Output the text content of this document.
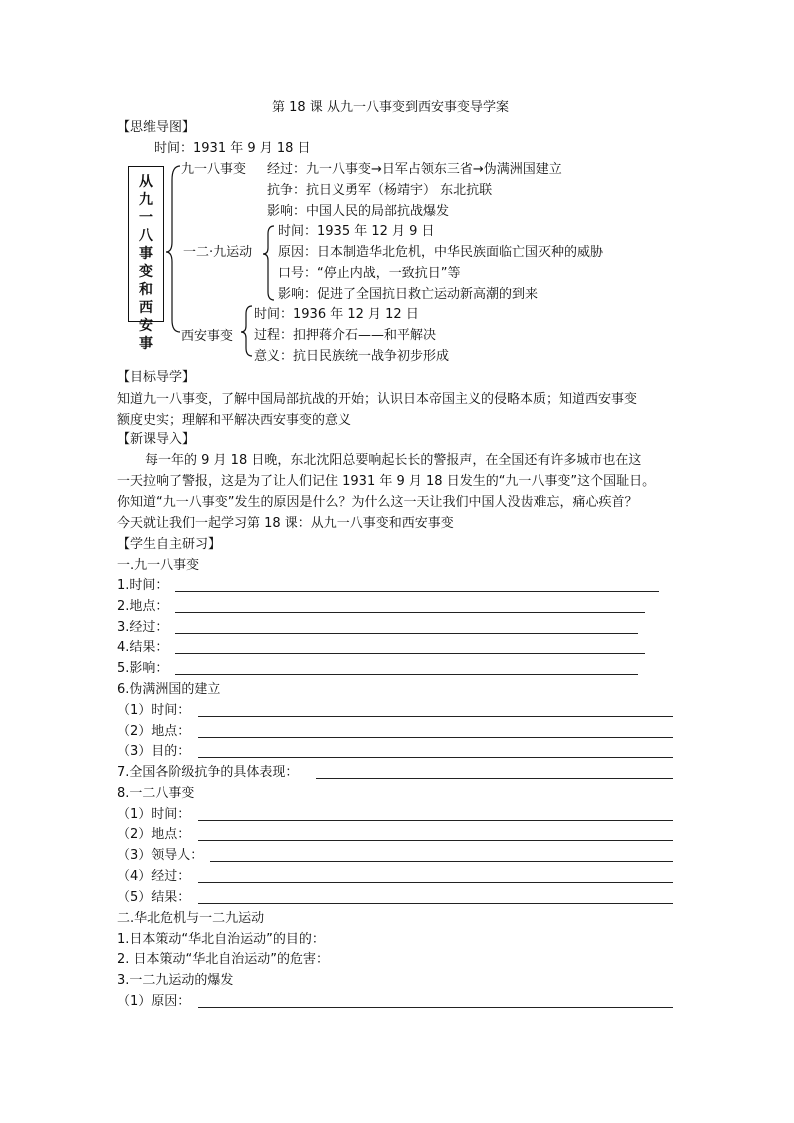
第 18 课 从九一八事变到西安事变导学案
【思维导图】
时间：1931 年 9 月 18 日
从
九
一
八
事
变
和
西
安
事
九一八事变 经过：九一八事变→日军占领东三省→伪满洲国建立
抗争：抗日义勇军（杨靖宇） 东北抗联
影响：中国人民的局部抗战爆发
一二·九运动
时间：1935 年 12 月 9 日
原因：日本制造华北危机，中华民族面临亡国灭种的威胁
口号：“停止内战，一致抗日”等
影响：促进了全国抗日救亡运动新高潮的到来
西安事变
时间：1936 年 12 月 12 日
过程：扣押蒋介石——和平解决
意义：抗日民族统一战争初步形成
【目标导学】
知道九一八事变，了解中国局部抗战的开始；认识日本帝国主义的侵略本质；知道西安事变
额度史实；理解和平解决西安事变的意义
【新课导入】
每一年的 9 月 18 日晚，东北沈阳总要响起长长的警报声，在全国还有许多城市也在这
一天拉响了警报，这是为了让人们记住 1931 年 9 月 18 日发生的“九一八事变”这个国耻日。
你知道“九一八事变”发生的原因是什么？为什么这一天让我们中国人没齿难忘，痛心疾首？
今天就让我们一起学习第 18 课：从九一八事变和西安事变
【学生自主研习】
一.九一八事变
1.时间：
2.地点：
3.经过：
4.结果：
5.影响：
6.伪满洲国的建立
（1）时间：
（2）地点：
（3）目的：
7.全国各阶级抗争的具体表现：
8.一二八事变
（1）时间：
（2）地点：
（3）领导人：
（4）经过：
（5）结果：
二.华北危机与一二九运动
1.日本策动“华北自治运动”的目的：
2. 日本策动“华北自治运动”的危害：
3.一二九运动的爆发
（1）原因：
